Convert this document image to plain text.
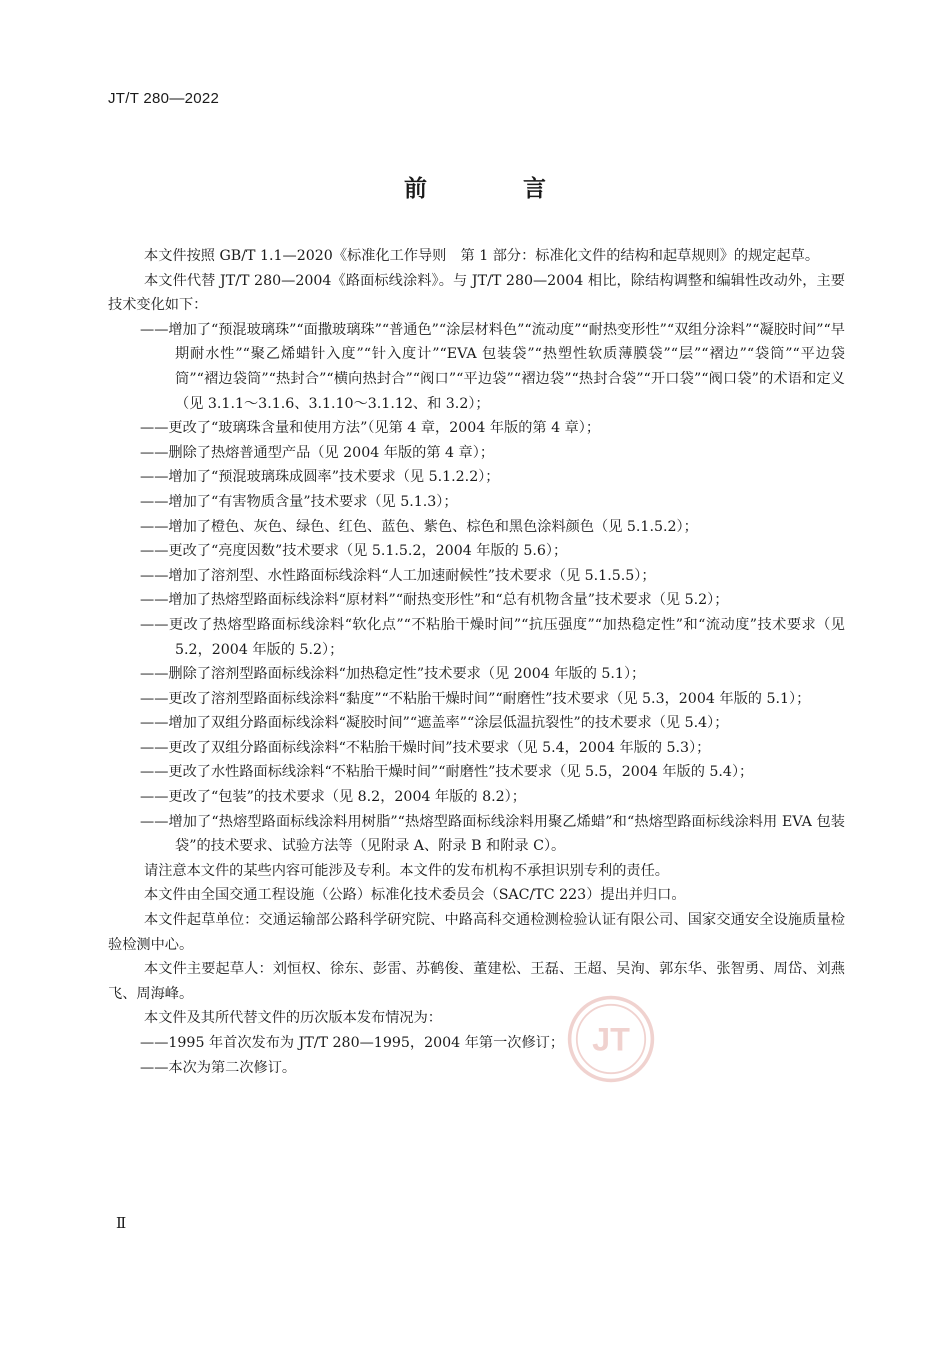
JT/T 280—2022
前 言

本文件按照 GB/T 1.1—2020《标准化工作导则　第 1 部分：标准化文件的结构和起草规则》的规定起草。

本文件代替 JT/T 280—2004《路面标线涂料》。与 JT/T 280—2004 相比，除结构调整和编辑性改动外，主要技术变化如下：

——增加了“预混玻璃珠”“面撒玻璃珠”“普通色”“涂层材料色”“流动度”“耐热变形性”“双组分涂料”“凝胶时间”“早期耐水性”“聚乙烯蜡针入度”“针入度计”“EVA 包装袋”“热塑性软质薄膜袋”“层”“褶边”“袋筒”“平边袋筒”“褶边袋筒”“热封合”“横向热封合”“阀口”“平边袋”“褶边袋”“热封合袋”“开口袋”“阀口袋”的术语和定义（见 3.1.1～3.1.6、3.1.10～3.1.12、和 3.2）；

——更改了“玻璃珠含量和使用方法”（见第 4 章，2004 年版的第 4 章）；

——删除了热熔普通型产品（见 2004 年版的第 4 章）；

——增加了“预混玻璃珠成圆率”技术要求（见 5.1.2.2）；

——增加了“有害物质含量”技术要求（见 5.1.3）；

——增加了橙色、灰色、绿色、红色、蓝色、紫色、棕色和黑色涂料颜色（见 5.1.5.2）；

——更改了“亮度因数”技术要求（见 5.1.5.2，2004 年版的 5.6）；

——增加了溶剂型、水性路面标线涂料“人工加速耐候性”技术要求（见 5.1.5.5）；

——增加了热熔型路面标线涂料“原材料”“耐热变形性”和“总有机物含量”技术要求（见 5.2）；

——更改了热熔型路面标线涂料“软化点”“不粘胎干燥时间”“抗压强度”“加热稳定性”和“流动度”技术要求（见 5.2，2004 年版的 5.2）；

——删除了溶剂型路面标线涂料“加热稳定性”技术要求（见 2004 年版的 5.1）；

——更改了溶剂型路面标线涂料“黏度”“不粘胎干燥时间”“耐磨性”技术要求（见 5.3，2004 年版的 5.1）；

——增加了双组分路面标线涂料“凝胶时间”“遮盖率”“涂层低温抗裂性”的技术要求（见 5.4）；

——更改了双组分路面标线涂料“不粘胎干燥时间”技术要求（见 5.4，2004 年版的 5.3）；

——更改了水性路面标线涂料“不粘胎干燥时间”“耐磨性”技术要求（见 5.5，2004 年版的 5.4）；

——更改了“包装”的技术要求（见 8.2，2004 年版的 8.2）；

——增加了“热熔型路面标线涂料用树脂”“热熔型路面标线涂料用聚乙烯蜡”和“热熔型路面标线涂料用 EVA 包装袋”的技术要求、试验方法等（见附录 A、附录 B 和附录 C）。

请注意本文件的某些内容可能涉及专利。本文件的发布机构不承担识别专利的责任。

本文件由全国交通工程设施（公路）标准化技术委员会（SAC/TC 223）提出并归口。

本文件起草单位：交通运输部公路科学研究院、中路高科交通检测检验认证有限公司、国家交通安全设施质量检验检测中心。

本文件主要起草人：刘恒权、徐东、彭雷、苏鹤俊、董建松、王磊、王超、吴洵、郭东华、张智勇、周岱、刘燕飞、周海峰。

本文件及其所代替文件的历次版本发布情况为：

——1995 年首次发布为 JT/T 280—1995，2004 年第一次修订；

——本次为第二次修订。

JT
Ⅱ
